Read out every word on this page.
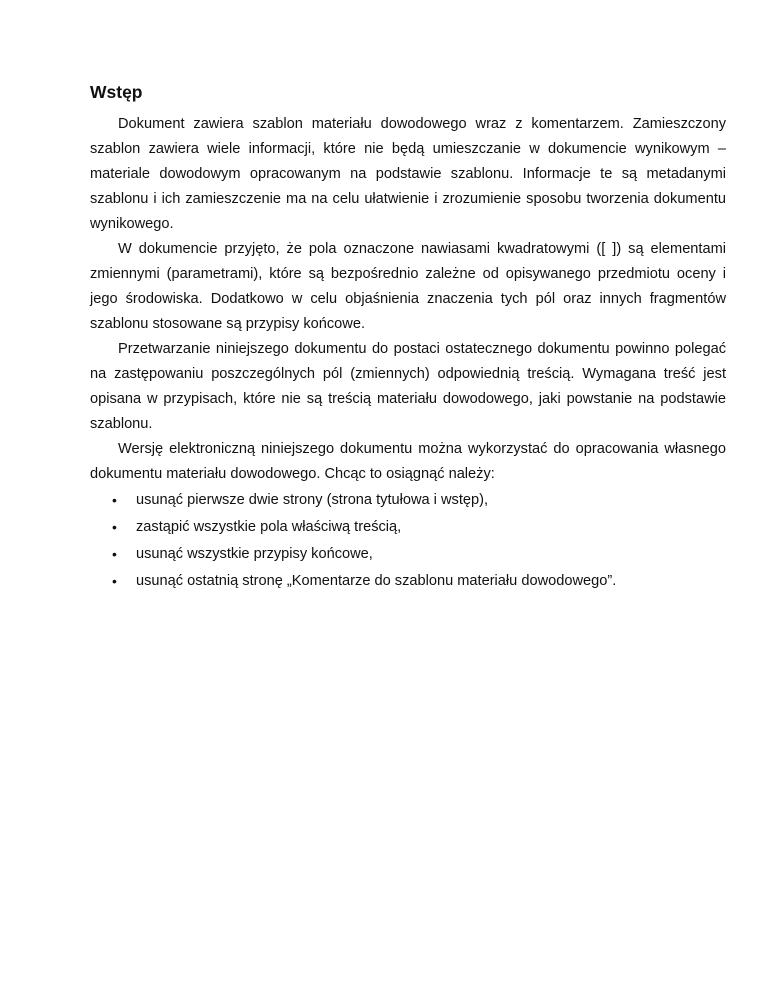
Wstęp

Dokument zawiera szablon materiału dowodowego wraz z komentarzem. Zamieszczony szablon zawiera wiele informacji, które nie będą umieszczanie w dokumencie wynikowym – materiale dowodowym opracowanym na podstawie szablonu. Informacje te są metadanymi szablonu i ich zamieszczenie ma na celu ułatwienie i zrozumienie sposobu tworzenia dokumentu wynikowego.

W dokumencie przyjęto, że pola oznaczone nawiasami kwadratowymi ([ ]) są elementami zmiennymi (parametrami), które są bezpośrednio zależne od opisywanego przedmiotu oceny i jego środowiska. Dodatkowo w celu objaśnienia znaczenia tych pól oraz innych fragmentów szablonu stosowane są przypisy końcowe.

Przetwarzanie niniejszego dokumentu do postaci ostatecznego dokumentu powinno polegać na zastępowaniu poszczególnych pól (zmiennych) odpowiednią treścią. Wymagana treść jest opisana w przypisach, które nie są treścią materiału dowodowego, jaki powstanie na podstawie szablonu.

Wersję elektroniczną niniejszego dokumentu można wykorzystać do opracowania własnego dokumentu materiału dowodowego. Chcąc to osiągnąć należy:

• usunąć pierwsze dwie strony (strona tytułowa i wstęp),
• zastąpić wszystkie pola właściwą treścią,
• usunąć wszystkie przypisy końcowe,
• usunąć ostatnią stronę „Komentarze do szablonu materiału dowodowego”.
